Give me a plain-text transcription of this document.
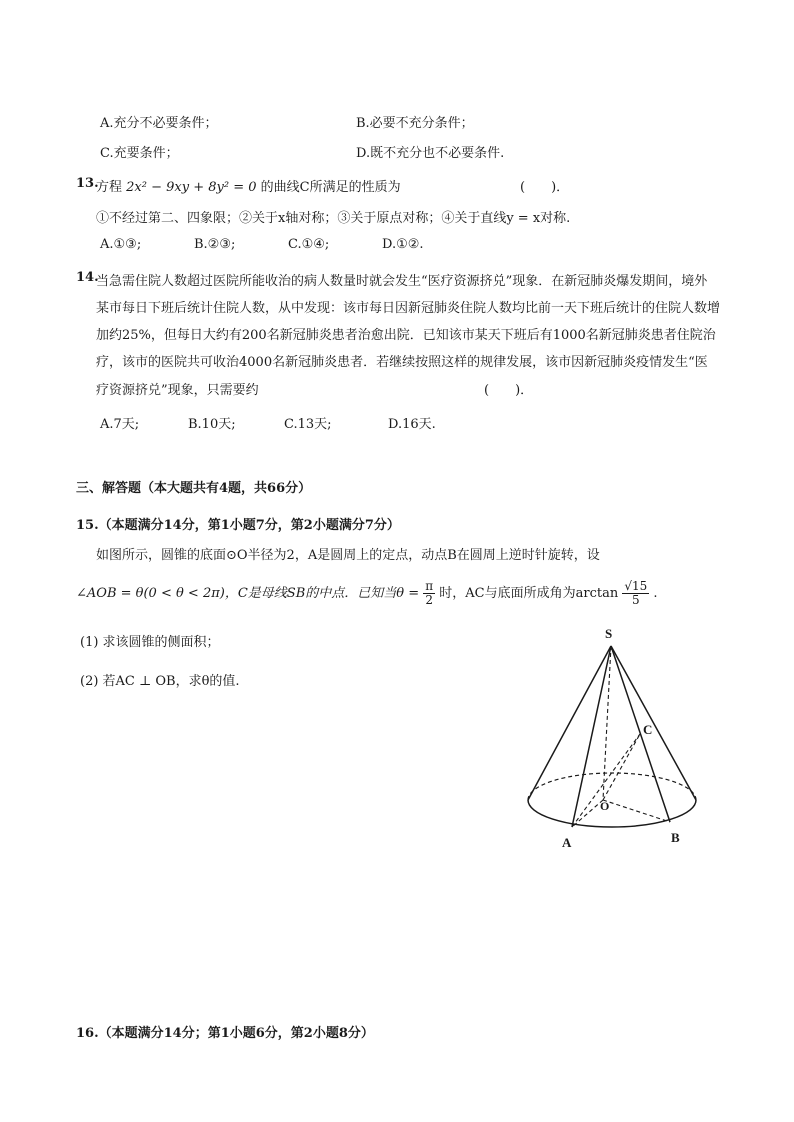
A.充分不必要条件；	B.必要不充分条件；
C.充要条件；	D.既不充分也不必要条件.
13.
方程 2x² − 9xy + 8y² = 0 的曲线C所满足的性质为	(　　)．
①不经过第二、四象限；②关于x轴对称；③关于原点对称；④关于直线y = x对称.
A.①③;	B.②③;	C.①④;	D.①②.
14.
当急需住院人数超过医院所能收治的病人数量时就会发生“医疗资源挤兑”现象．在新冠肺炎爆发期间，境外
某市每日下班后统计住院人数，从中发现：该市每日因新冠肺炎住院人数均比前一天下班后统计的住院人数增
加约25%，但每日大约有200名新冠肺炎患者治愈出院．已知该市某天下班后有1000名新冠肺炎患者住院治
疗，该市的医院共可收治4000名新冠肺炎患者．若继续按照这样的规律发展，该市因新冠肺炎疫情发生“医
疗资源挤兑”现象，只需要约	(　　)．
A.7天;	B.10天;	C.13天;	D.16天.
三、解答题（本大题共有4题，共66分）
15.（本题满分14分，第1小题7分，第2小题满分7分）
如图所示，圆锥的底面⊙O半径为2，A是圆周上的定点，动点B在圆周上逆时针旋转，设
∠AOB = θ(0 < θ < 2π)，C是母线SB的中点．已知当$\theta = \frac{\pi}{2}$ 时，AC与底面所成角为$\arctan \frac{√15}{5}$ .
(1) 求该圆锥的侧面积；
(2) 若AC ⊥ OB，求θ的值.
S
C
O
A	B
16.（本题满分14分；第1小题6分，第2小题8分）
